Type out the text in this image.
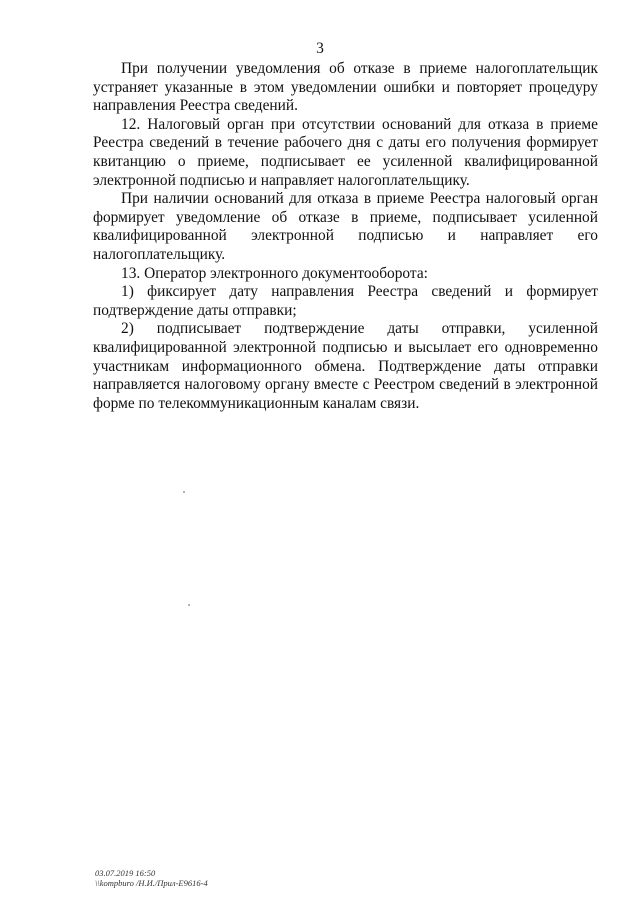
3

При получении уведомления об отказе в приеме налогоплательщик устраняет указанные в этом уведомлении ошибки и повторяет процедуру направления Реестра сведений.

12. Налоговый орган при отсутствии оснований для отказа в приеме Реестра сведений в течение рабочего дня с даты его получения формирует квитанцию о приеме, подписывает ее усиленной квалифицированной электронной подписью и направляет налогоплательщику.

При наличии оснований для отказа в приеме Реестра налоговый орган формирует уведомление об отказе в приеме, подписывает усиленной квалифицированной электронной подписью и направляет его налогоплательщику.

13. Оператор электронного документооборота:

1) фиксирует дату направления Реестра сведений и формирует подтверждение даты отправки;

2) подписывает подтверждение даты отправки, усиленной квалифицированной электронной подписью и высылает его одновременно участникам информационного обмена. Подтверждение даты отправки направляется налоговому органу вместе с Реестром сведений в электронной форме по телекоммуникационным каналам связи.

03.07.2019 16:50
\\kompburo /Н.И./Прил-E9616-4
